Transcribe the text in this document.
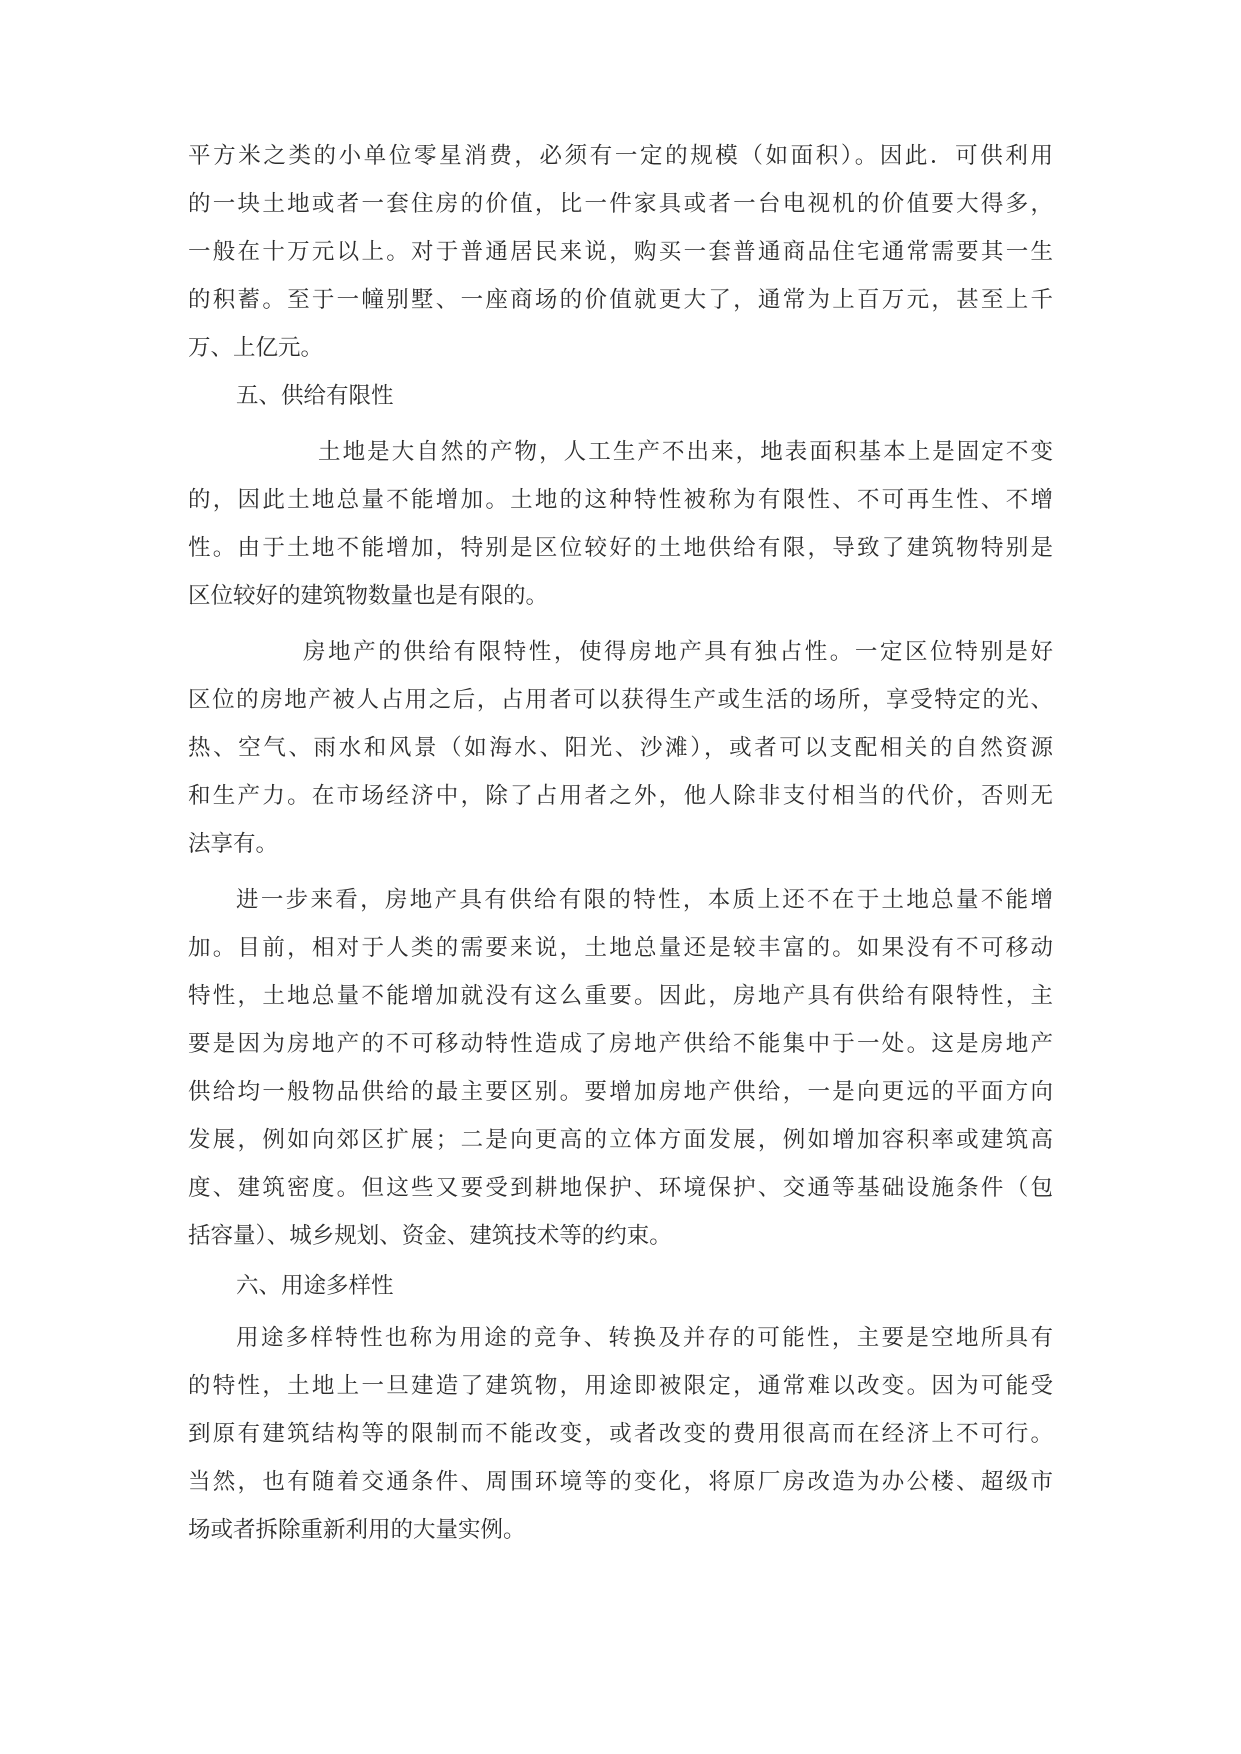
平方米之类的小单位零星消费，必须有一定的规模（如面积）。因此．可供利用
的一块土地或者一套住房的价值，比一件家具或者一台电视机的价值要大得多，
一般在十万元以上。对于普通居民来说，购买一套普通商品住宅通常需要其一生
的积蓄。至于一幢别墅、一座商场的价值就更大了，通常为上百万元，甚至上千
万、上亿元。
五、供给有限性
土地是大自然的产物，人工生产不出来，地表面积基本上是固定不变
的，因此土地总量不能增加。土地的这种特性被称为有限性、不可再生性、不增
性。由于土地不能增加，特别是区位较好的土地供给有限，导致了建筑物特别是
区位较好的建筑物数量也是有限的。
房地产的供给有限特性，使得房地产具有独占性。一定区位特别是好
区位的房地产被人占用之后，占用者可以获得生产或生活的场所，享受特定的光、
热、空气、雨水和风景（如海水、阳光、沙滩），或者可以支配相关的自然资源
和生产力。在市场经济中，除了占用者之外，他人除非支付相当的代价，否则无
法享有。
进一步来看，房地产具有供给有限的特性，本质上还不在于土地总量不能增
加。目前，相对于人类的需要来说，土地总量还是较丰富的。如果没有不可移动
特性，土地总量不能增加就没有这么重要。因此，房地产具有供给有限特性，主
要是因为房地产的不可移动特性造成了房地产供给不能集中于一处。这是房地产
供给均一般物品供给的最主要区别。要增加房地产供给，一是向更远的平面方向
发展，例如向郊区扩展；二是向更高的立体方面发展，例如增加容积率或建筑高
度、建筑密度。但这些又要受到耕地保护、环境保护、交通等基础设施条件（包
括容量）、城乡规划、资金、建筑技术等的约束。
六、用途多样性
用途多样特性也称为用途的竞争、转换及并存的可能性，主要是空地所具有
的特性，土地上一旦建造了建筑物，用途即被限定，通常难以改变。因为可能受
到原有建筑结构等的限制而不能改变，或者改变的费用很高而在经济上不可行。
当然，也有随着交通条件、周围环境等的变化，将原厂房改造为办公楼、超级市
场或者拆除重新利用的大量实例。
